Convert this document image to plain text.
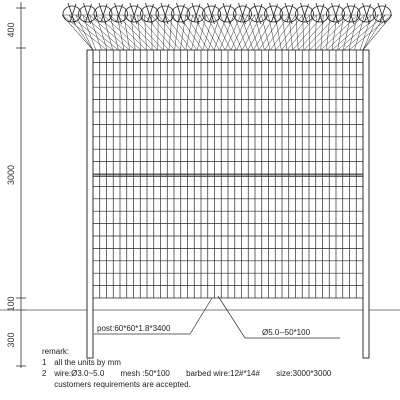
400
3000
100
300
post:60*60*1.8*3400	Ø5.0--50*100
remark:
1 all the units by mm
2 wire:Ø3.0~5.0 mesh :50*100 barbed wire:12#*14# size:3000*3000
customers requirements are accepted.
